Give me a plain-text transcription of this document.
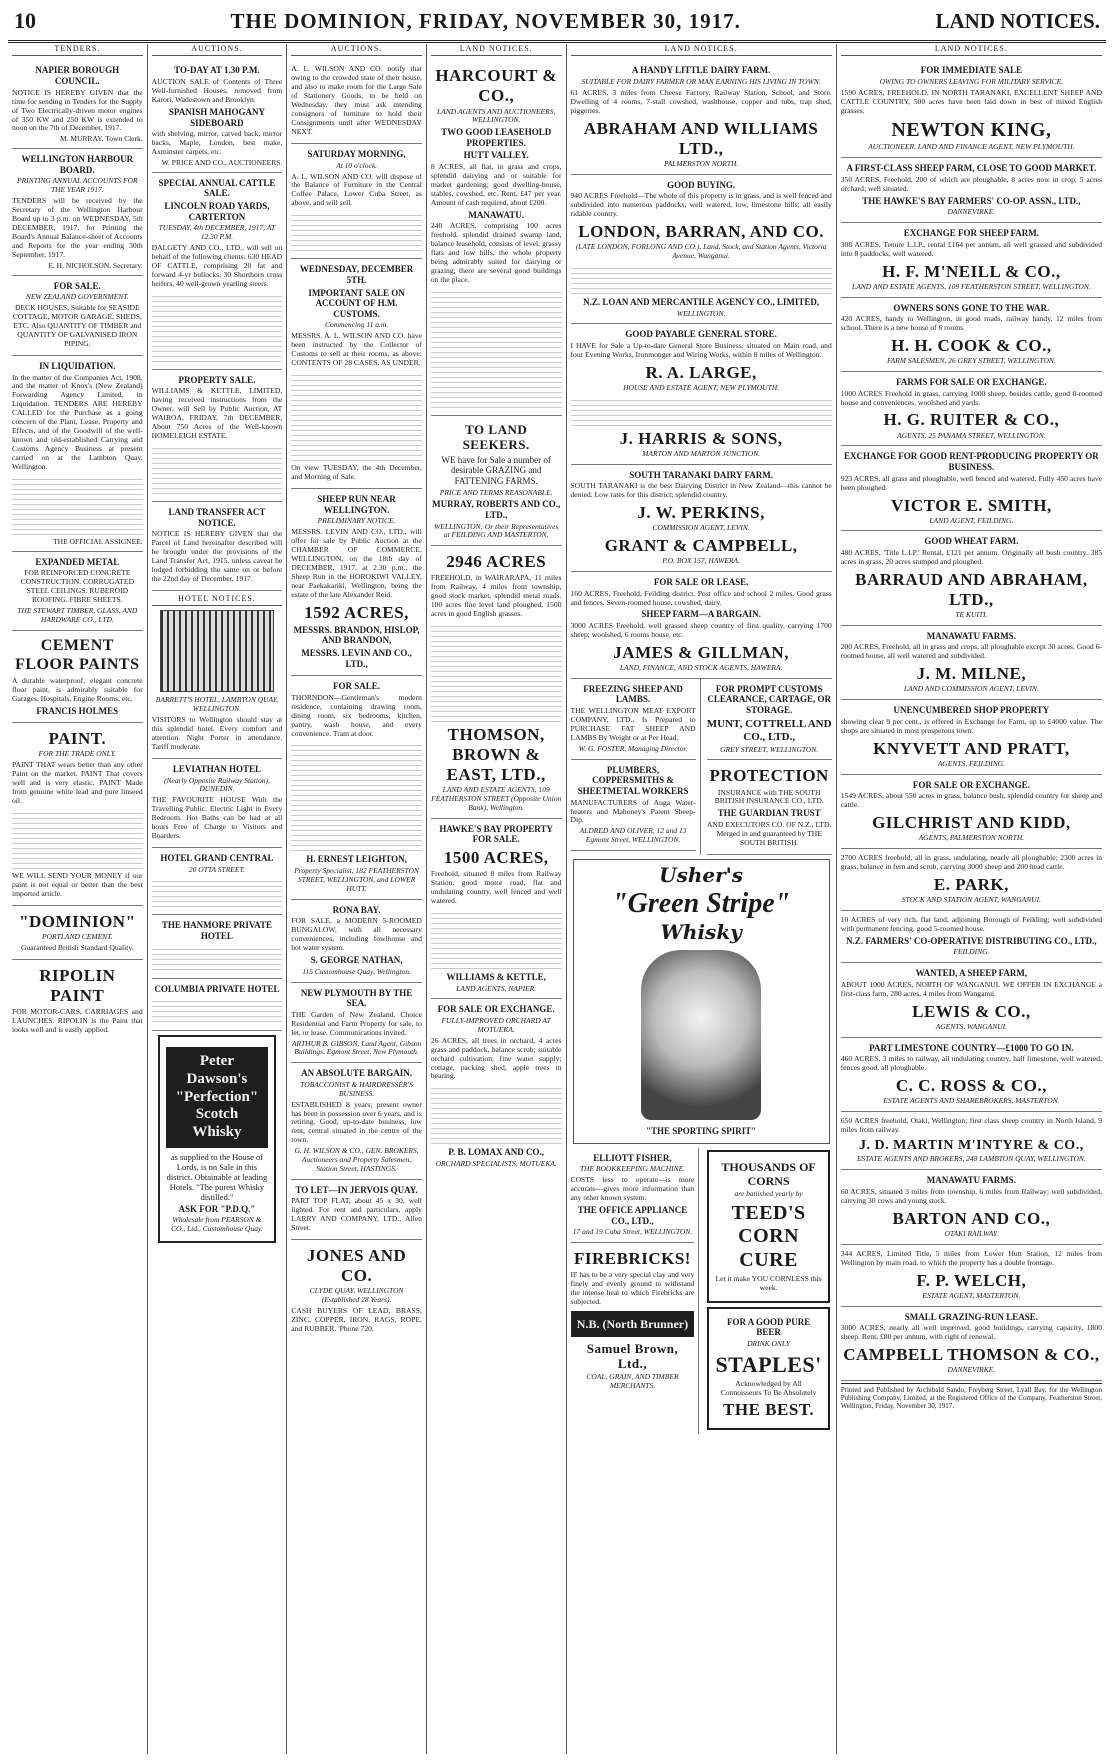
10	THE DOMINION, FRIDAY, NOVEMBER 30, 1917.	LAND NOTICES.
TENDERS.
NAPIER BOROUGH COUNCIL.
NOTICE IS HEREBY GIVEN that the time for sending in Tenders for the Supply of Two Electrically-driven motor engines of 350 KW and 250 KW is extended to noon on the 7th of December, 1917.
M. MURRAY, Town Clerk.
WELLINGTON HARBOUR BOARD.
PRINTING ANNUAL ACCOUNTS FOR THE YEAR 1917.
TENDERS will be received by the Secretary of the Wellington Harbour Board up to 3 p.m. on WEDNESDAY, 5th DECEMBER, 1917, for Printing the Board's Annual Balance-sheet of Accounts and Reports for the year ending 30th September, 1917.
E. H. NICHOLSON, Secretary.
FOR SALE.
NEW ZEALAND GOVERNMENT.
DECK HOUSES, Suitable for SEASIDE COTTAGE, MOTOR GARAGE, SHEDS, ETC. Also QUANTITY OF TIMBER and QUANTITY OF GALVANISED IRON PIPING.
IN LIQUIDATION.
In the matter of the Companies Act, 1908, and the matter of Knox's (New Zealand) Forwarding Agency Limited, in Liquidation. TENDERS ARE HEREBY CALLED for the Purchase as a going concern of the Plant, Lease, Property and Effects, and of the Goodwill of the well-known and old-established Carrying and Customs Agency Business at present carried on at the Lambton Quay, Wellington.
THE OFFICIAL ASSIGNEE.
EXPANDED METAL
FOR REINFORCED CONCRETE CONSTRUCTION. CORRUGATED STEEL CEILINGS. RUBEROID ROOFING. FIBRE SHEETS.
THE STEWART TIMBER, GLASS, AND HARDWARE CO., LTD.
CEMENT FLOOR PAINTS
A durable waterproof, elegant concrete floor paint, is admirably suitable for Garages, Hospitals, Engine Rooms, etc.
FRANCIS HOLMES
PAINT.
FOR THE TRADE ONLY.
PAINT THAT wears better than any other Paint on the market. PAINT That covers well and is very elastic. PAINT Made from genuine white lead and pure linseed oil.
WE WILL SEND YOUR MONEY if our paint is not equal or better than the best imported article.
"DOMINION"
PORTLAND CEMENT.
Guaranteed British Standard Quality.
RIPOLIN PAINT
FOR MOTOR-CARS, CARRIAGES and LAUNCHES. RIPOLIN is the Paint that looks well and is easily applied.
AUCTIONS.
TO-DAY AT 1.30 P.M.
AUCTION SALE of Contents of Three Well-furnished Houses, removed from Karori, Wadestown and Brooklyn.
SPANISH MAHOGANY SIDEBOARD
with shelving, mirror, carved back, mirror backs, Maple, London, best make, Axminster carpets, etc.
W. PRICE AND CO., AUCTIONEERS.
SPECIAL ANNUAL CATTLE SALE.
LINCOLN ROAD YARDS, CARTERTON
TUESDAY, 4th DECEMBER, 1917, AT 12.30 P.M.
DALGETY AND CO., LTD., will sell on behalf of the following clients: 630 HEAD OF CATTLE, comprising 20 fat and forward 4-yr bullocks, 30 Shorthorn cross heifers, 40 well-grown yearling steers.
PROPERTY SALE.
WILLIAMS & KETTLE, LIMITED, having received instructions from the Owner, will Sell by Public Auction, AT WAIROA, FRIDAY, 7th DECEMBER, About 750 Acres of the Well-known HOMELEIGH ESTATE.
LAND TRANSFER ACT NOTICE.
NOTICE IS HEREBY GIVEN that the Parcel of Land hereinafter described will be brought under the provisions of the Land Transfer Act, 1915, unless caveat be lodged forbidding the same on or before the 22nd day of December, 1917.
HOTEL NOTICES.
BARRETT'S HOTEL, LAMBTON QUAY, WELLINGTON.
VISITORS to Wellington should stay at this splendid hotel. Every comfort and attention. Night Porter in attendance. Tariff moderate.
LEVIATHAN HOTEL
(Nearly Opposite Railway Station), DUNEDIN.
THE FAVOURITE HOUSE With the Travelling Public. Electric Light in Every Bedroom. Hot Baths can be had at all hours Free of Charge to Visitors and Boarders.
HOTEL GRAND CENTRAL
20 OTTA STREET.
THE HANMORE PRIVATE HOTEL
COLUMBIA PRIVATE HOTEL
Peter Dawson's "Perfection" Scotch Whisky
as supplied to the House of Lords, is on Sale in this district. Obtainable at leading Hotels. "The purest Whisky distilled."
ASK FOR "P.D.Q."
Wholesale from PEARSON & CO., Ltd., Customhouse Quay.
AUCTIONS.
A. L. WILSON AND CO. notify that owing to the crowded state of their house, and also to make room for the Large Sale of Stationery Goods, to be held on Wednesday, they must ask intending consignors of furniture to hold their Consignments until after WEDNESDAY NEXT.
SATURDAY MORNING,
At 10 o'clock.
A. L. WILSON AND CO. will dispose of the Balance of Furniture in the Central Coffee Palace, Lower Cuba Street, as above, and will sell.
WEDNESDAY, DECEMBER 5TH.
IMPORTANT SALE ON ACCOUNT OF H.M. CUSTOMS.
Commencing 11 a.m.
MESSRS. A. L. WILSON AND CO. have been instructed by the Collector of Customs to sell at their rooms, as above: CONTENTS OF 28 CASES, AS UNDER.
On view TUESDAY, the 4th December, and Morning of Sale.
SHEEP RUN NEAR WELLINGTON.
PRELIMINARY NOTICE.
MESSRS. LEVIN AND CO., LTD., will offer for sale by Public Auction at the CHAMBER OF COMMERCE, WELLINGTON, on the 18th day of DECEMBER, 1917, at 2.30 p.m., the Sheep Run in the HOROKIWI VALLEY, near Paekakariki, Wellington, being the estate of the late Alexander Reid.
1592 ACRES,
MESSRS. BRANDON, HISLOP, AND BRANDON,
MESSRS. LEVIN AND CO., LTD.,
FOR SALE.
THORNDON—Gentleman's modern residence, containing drawing room, dining room, six bedrooms, kitchen, pantry, wash house, and every convenience. Tram at door.
H. ERNEST LEIGHTON,
Property Specialist, 182 FEATHERSTON STREET, WELLINGTON, and LOWER HUTT.
RONA BAY.
FOR SALE, a MODERN 5-ROOMED BUNGALOW, with all necessary conveniences, including fowlhouse and hot water system.
S. GEORGE NATHAN,
115 Customhouse Quay, Wellington.
NEW PLYMOUTH BY THE SEA.
THE Garden of New Zealand. Choice Residential and Farm Property for sale, to let, or lease. Communications invited.
ARTHUR B. GIBSON, Land Agent, Gibson Buildings, Egmont Street, New Plymouth.
AN ABSOLUTE BARGAIN.
TOBACCONIST & HAIRDRESSER'S BUSINESS.
ESTABLISHED 8 years; present owner has been in possession over 6 years, and is retiring. Good, up-to-date business, low rent, central situated in the centre of the town.
G. H. WILSON & CO., GEN. BROKERS, Auctioneers and Property Salesmen, Station Street, HASTINGS.
TO LET—IN JERVOIS QUAY.
PART TOP FLAT, about 45 x 30, well lighted. For rent and particulars, apply LARRY AND COMPANY, LTD., Allen Street.
JONES AND CO.
CLYDE QUAY, WELLINGTON (Established 28 Years).
CASH BUYERS OF LEAD, BRASS, ZINC, COPPER, IRON, RAGS, ROPE, and RUBBER. 'Phone 720.
LAND NOTICES.
HARCOURT & CO.,
LAND AGENTS AND AUCTIONEERS, WELLINGTON.
TWO GOOD LEASEHOLD PROPERTIES.
HUTT VALLEY.
8 ACRES, all flat, in grass and crops, splendid dairying and or suitable for market gardening; good dwelling-house, stables, cowshed, etc. Rent, £47 per year. Amount of cash required, about £200.
MANAWATU.
240 ACRES, comprising 100 acres freehold, splendid drained swamp land, balance leasehold, consists of level, grassy flats and low hills, the whole property being admirably suited for dairying or grazing; there are several good buildings on the place.
TO LAND SEEKERS.
WE have for Sale a number of desirable GRAZING and FATTENING FARMS.
PRICE AND TERMS REASONABLE.
MURRAY, ROBERTS AND CO., LTD.,
WELLINGTON; Or their Representatives at FEILDING AND MASTERTON.
2946 ACRES
FREEHOLD, in WAIRARAPA, 11 miles from Railway, 4 miles from township, good stock market, splendid metal roads. 100 acres fine level land ploughed, 1500 acres in good English grasses.
THOMSON, BROWN & EAST, LTD.,
LAND AND ESTATE AGENTS, 109 FEATHERSTON STREET (Opposite Union Bank), Wellington.
HAWKE'S BAY PROPERTY FOR SALE.
1500 ACRES,
Freehold, situated 8 miles from Railway Station, good motor road, flat and undulating country, well fenced and well watered.
WILLIAMS & KETTLE,
LAND AGENTS, NAPIER.
FOR SALE OR EXCHANGE.
FULLY-IMPROVED ORCHARD AT MOTUEKA.
26 ACRES, all trees in orchard, 4 acres grass and paddock, balance scrub; suitable orchard cultivation; fine water supply; cottage, packing shed, apple trees in bearing.
P. B. LOMAX AND CO.,
ORCHARD SPECIALISTS, MOTUEKA.
LAND NOTICES.
A HANDY LITTLE DAIRY FARM.
SUITABLE FOR DAIRY FARMER OR MAN EARNING HIS LIVING IN TOWN.
61 ACRES, 3 miles from Cheese Factory, Railway Station, School, and Store. Dwelling of 4 rooms, 7-stall cowshed, washhouse, copper and tubs, trap shed, piggeries.
ABRAHAM AND WILLIAMS LTD.,
PALMERSTON NORTH.
GOOD BUYING.
940 ACRES Freehold—The whole of this property is in grass, and is well fenced and subdivided into numerous paddocks, well watered, low, limestone hills; all easily ridable country.
LONDON, BARRAN, AND CO.
(LATE LONDON, FORLONG AND CO.), Land, Stock, and Station Agents, Victoria Avenue, Wanganui.
N.Z. LOAN AND MERCANTILE AGENCY CO., LIMITED,
WELLINGTON.
GOOD PAYABLE GENERAL STORE.
I HAVE for Sale a Up-to-date General Store Business, situated on Main road, and four Evening Works, Ironmonger and Wiring Works, within 8 miles of Wellington.
R. A. LARGE,
HOUSE AND ESTATE AGENT, NEW PLYMOUTH.
J. HARRIS & SONS,
MARTON AND MARTON JUNCTION.
SOUTH TARANAKI DAIRY FARM.
SOUTH TARANAKI is the best Dairying District in New Zealand—this cannot be denied. Low rates for this district; splendid country.
J. W. PERKINS,
COMMISSION AGENT, LEVIN.
GRANT & CAMPBELL,
P.O. BOX 157, HAWERA.
FOR SALE OR LEASE.
160 ACRES, Freehold, Feilding district. Post office and school 2 miles. Good grass and fences. Seven-roomed house, cowshed, dairy.
SHEEP FARM—A BARGAIN.
3000 ACRES Freehold, well grassed sheep country of first quality, carrying 1700 sheep; woolshed, 6 rooms house, etc.
JAMES & GILLMAN,
LAND, FINANCE, AND STOCK AGENTS, HAWERA.
FREEZING SHEEP AND LAMBS.
THE WELLINGTON MEAT EXPORT COMPANY, LTD., Is Prepared to PURCHASE FAT SHEEP AND LAMBS By Weight or at Per Head.
W. G. FOSTER, Managing Director.
PLUMBERS, COPPERSMITHS & SHEETMETAL WORKERS
MANUFACTURERS of Auga Water-heaters and Mahoney's Patent Sheep-Dip.
ALDRED AND OLIVER, 12 and 13 Egmont Street, WELLINGTON.
FOR PROMPT CUSTOMS CLEARANCE, CARTAGE, OR STORAGE.
MUNT, COTTRELL AND CO., LTD.,
GREY STREET, WELLINGTON.
PROTECTION
INSURANCE with THE SOUTH BRITISH INSURANCE CO., LTD.
THE GUARDIAN TRUST
AND EXECUTORS CO. OF N.Z., LTD. Merged in and guaranteed by THE SOUTH BRITISH.
Usher's
"Green Stripe"
Whisky
"THE SPORTING SPIRIT"
ELLIOTT FISHER,
THE BOOKKEEPING MACHINE.
COSTS less to operate—is more accurate—gives more information than any other known system.
THE OFFICE APPLIANCE CO., LTD.,
17 and 19 Cuba Street, WELLINGTON.
FIREBRICKS!
IF has to be a very special clay and very finely and evenly ground to withstand the intense heat to which Firebricks are subjected.
N.B. (North Brunner)
Samuel Brown, Ltd.,
COAL, GRAIN, AND TIMBER MERCHANTS.
THOUSANDS OF CORNS
are banished yearly by
TEED'S CORN CURE
Let it make YOU CORNLESS this week.
FOR A GOOD PURE BEER
DRINK ONLY
STAPLES'
Acknowledged by All Connoisseurs To Be Absolutely
THE BEST.
LAND NOTICES.
FOR IMMEDIATE SALE
OWING TO OWNERS LEAVING FOR MILITARY SERVICE.
1590 ACRES, FREEHOLD, IN NORTH TARANAKI, EXCELLENT SHEEP AND CATTLE COUNTRY, 500 acres have been laid down in best of mixed English grasses.
NEWTON KING,
AUCTIONEER, LAND AND FINANCE AGENT, NEW PLYMOUTH.
A FIRST-CLASS SHEEP FARM, CLOSE TO GOOD MARKET.
350 ACRES, Freehold, 200 of which are ploughable, 8 acres now in crop, 5 acres orchard; well situated.
THE HAWKE'S BAY FARMERS' CO-OP. ASSN., LTD.,
DANNEVIRKE.
EXCHANGE FOR SHEEP FARM.
308 ACRES, Tenure L.I.P., rental £164 per annum, all well grassed and subdivided into 8 paddocks, well watered.
H. F. M'NEILL & CO.,
LAND AND ESTATE AGENTS, 109 FEATHERSTON STREET, WELLINGTON.
OWNERS SONS GONE TO THE WAR.
420 ACRES, handy to Wellington, in good roads, railway handy, 12 miles from school. There is a new house of 6 rooms.
H. H. COOK & CO.,
FARM SALESMEN, 26 GREY STREET, WELLINGTON.
FARMS FOR SALE OR EXCHANGE.
1000 ACRES Freehold in grass, carrying 1000 sheep, besides cattle, good 8-roomed house and conveniences, woolshed and yards.
H. G. RUITER & CO.,
AGENTS, 25 PANAMA STREET, WELLINGTON.
EXCHANGE FOR GOOD RENT-PRODUCING PROPERTY OR BUSINESS.
923 ACRES, all grass and ploughable, well fenced and watered. Fully 450 acres have been ploughed.
VICTOR E. SMITH,
LAND AGENT, FEILDING.
GOOD WHEAT FARM.
480 ACRES, 'Title L.I.P.' Rental, £121 per annum. Originally all bush country. 385 acres in grass, 20 acres stumped and ploughed.
BARRAUD AND ABRAHAM, LTD.,
TE KUITI.
MANAWATU FARMS.
200 ACRES, Freehold, all in grass and crops, all ploughable except 30 acres. Good 6-roomed house, all well watered and subdivided.
J. M. MILNE,
LAND AND COMMISSION AGENT, LEVIN.
UNENCUMBERED SHOP PROPERTY
showing clear 9 per cent., is offered in Exchange for Farm, up to £4000 value. The shops are situated in most prosperous town.
KNYVETT AND PRATT,
AGENTS, FEILDING.
FOR SALE OR EXCHANGE.
1549 ACRES, about 550 acres in grass, balance bush, splendid country for sheep and cattle.
GILCHRIST AND KIDD,
AGENTS, PALMERSTON NORTH.
2700 ACRES freehold, all in grass, undulating, nearly all ploughable; 2300 acres in grass, balance in fern and scrub, carrying 3000 sheep and 200 head cattle.
E. PARK,
STOCK AND STATION AGENT, WANGANUI.
10 ACRES of very rich, flat land, adjoining Borough of Feilding; well subdivided with permanent fencing, good 5-roomed house.
N.Z. FARMERS' CO-OPERATIVE DISTRIBUTING CO., LTD.,
FEILDING.
WANTED, A SHEEP FARM,
ABOUT 1000 ACRES, NORTH OF WANGANUI. WE OFFER IN EXCHANGE a first-class farm, 280 acres, 4 miles from Wanganui.
LEWIS & CO.,
AGENTS, WANGANUI.
PART LIMESTONE COUNTRY—£1000 TO GO IN.
460 ACRES, 3 miles to railway, all undulating country, half limestone, well watered, fences good, all ploughable.
C. C. ROSS & CO.,
ESTATE AGENTS AND SHAREBROKERS, MASTERTON.
650 ACRES freehold, Otaki, Wellington; first class sheep country in North Island, 9 miles from railway.
J. D. MARTIN M'INTYRE & CO.,
ESTATE AGENTS AND BROKERS, 248 LAMBTON QUAY, WELLINGTON.
MANAWATU FARMS.
60 ACRES, situated 3 miles from township, 6 miles from Railway; well subdivided, carrying 30 cows and young stock.
BARTON AND CO.,
OTAKI RAILWAY.
344 ACRES, Limited Title, 5 miles from Lower Hutt Station, 12 miles from Wellington by main road, to which the property has a double frontage.
F. P. WELCH,
ESTATE AGENT, MASTERTON.
SMALL GRAZING-RUN LEASE.
3000 ACRES, nearly all well improved, good buildings, carrying capacity, 1800 sheep. Rent, £80 per annum, with right of renewal.
CAMPBELL THOMSON & CO.,
DANNEVIRKE.
Printed and Published by Archibald Sando, Freyberg Street, Lyall Bay, for the Wellington Publishing Company, Limited, at the Registered Office of the Company, Featherston Street, Wellington, Friday, November 30, 1917.
